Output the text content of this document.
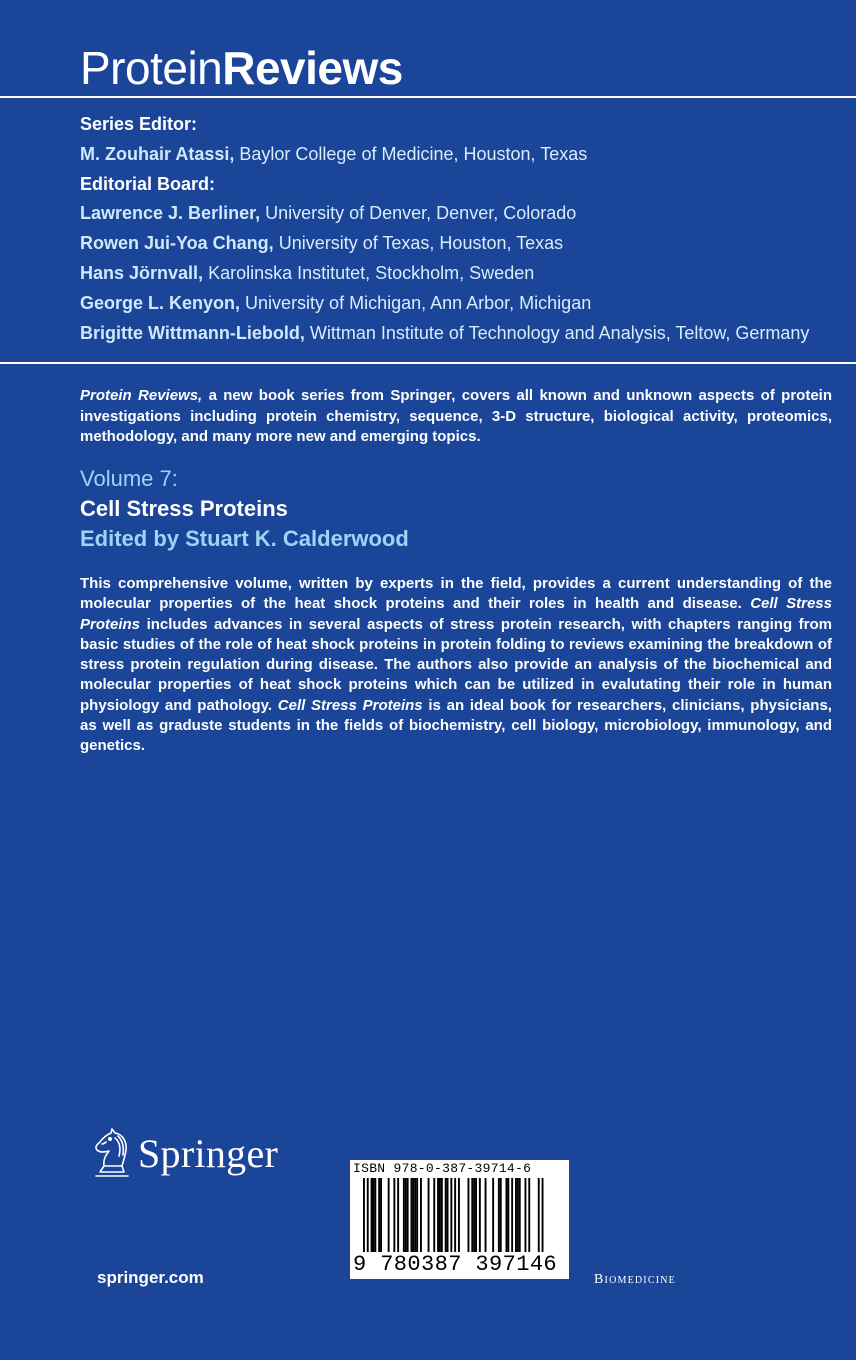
ProteinReviews
Series Editor:
M. Zouhair Atassi, Baylor College of Medicine, Houston, Texas
Editorial Board:
Lawrence J. Berliner, University of Denver, Denver, Colorado
Rowen Jui-Yoa Chang, University of Texas, Houston, Texas
Hans Jörnvall, Karolinska Institutet, Stockholm, Sweden
George L. Kenyon, University of Michigan, Ann Arbor, Michigan
Brigitte Wittmann-Liebold, Wittman Institute of Technology and Analysis, Teltow, Germany
Protein Reviews, a new book series from Springer, covers all known and unknown aspects of protein investigations including protein chemistry, sequence, 3-D structure, biological activity, proteomics, methodology, and many more new and emerging topics.
Volume 7:
Cell Stress Proteins
Edited by Stuart K. Calderwood
This comprehensive volume, written by experts in the field, provides a current understanding of the molecular properties of the heat shock proteins and their roles in health and disease. Cell Stress Proteins includes advances in several aspects of stress protein research, with chapters ranging from basic studies of the role of heat shock proteins in protein folding to reviews examining the breakdown of stress protein regulation during disease. The authors also provide an analysis of the biochemical and molecular properties of heat shock proteins which can be utilized in evalutating their role in human physiology and pathology. Cell Stress Proteins is an ideal book for researchers, clinicians, physicians, as well as graduste students in the fields of biochemistry, cell biology, microbiology, immunology, and genetics.
Springer
springer.com
ISBN 978-0-387-39714-6
9 780387 397146
Biomedicine
